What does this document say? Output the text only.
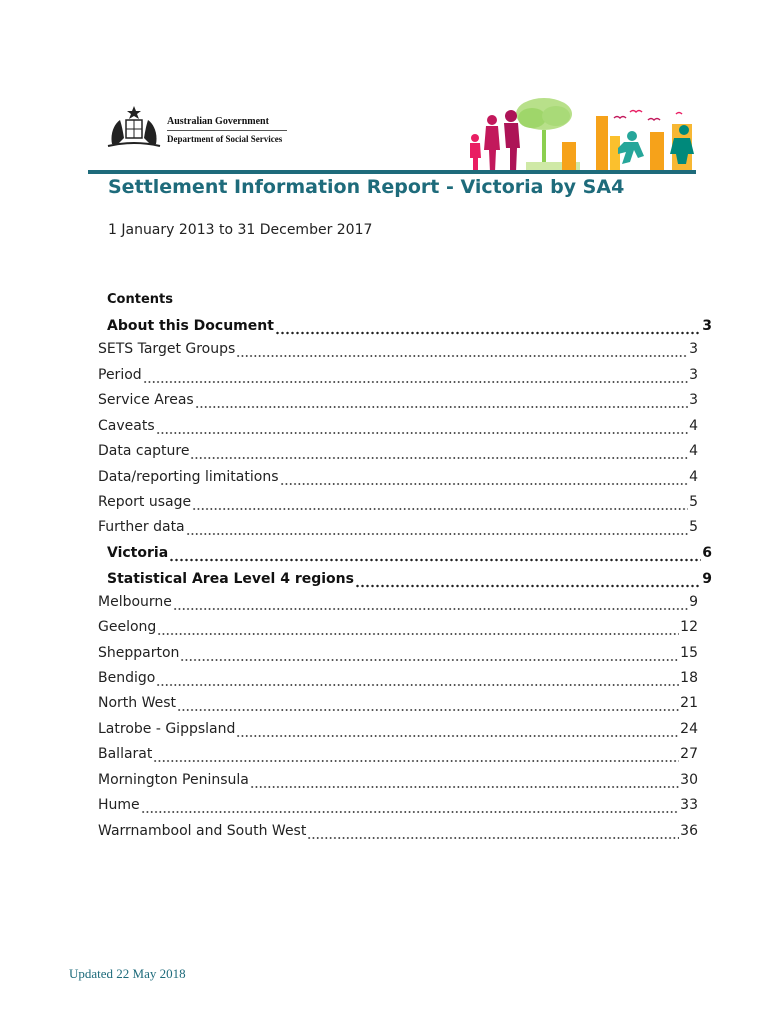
Australian Government
Department of Social Services
Settlement Information Report - Victoria by SA4
1 January 2013 to 31 December 2017
Contents
About this Document	3
SETS Target Groups	3
Period	3
Service Areas	3
Caveats	4
Data capture	4
Data/reporting limitations	4
Report usage	5
Further data	5
Victoria	6
Statistical Area Level 4 regions	9
Melbourne	9
Geelong	12
Shepparton	15
Bendigo	18
North West	21
Latrobe - Gippsland	24
Ballarat	27
Mornington Peninsula	30
Hume	33
Warrnambool and South West	36
Updated 22 May 2018
